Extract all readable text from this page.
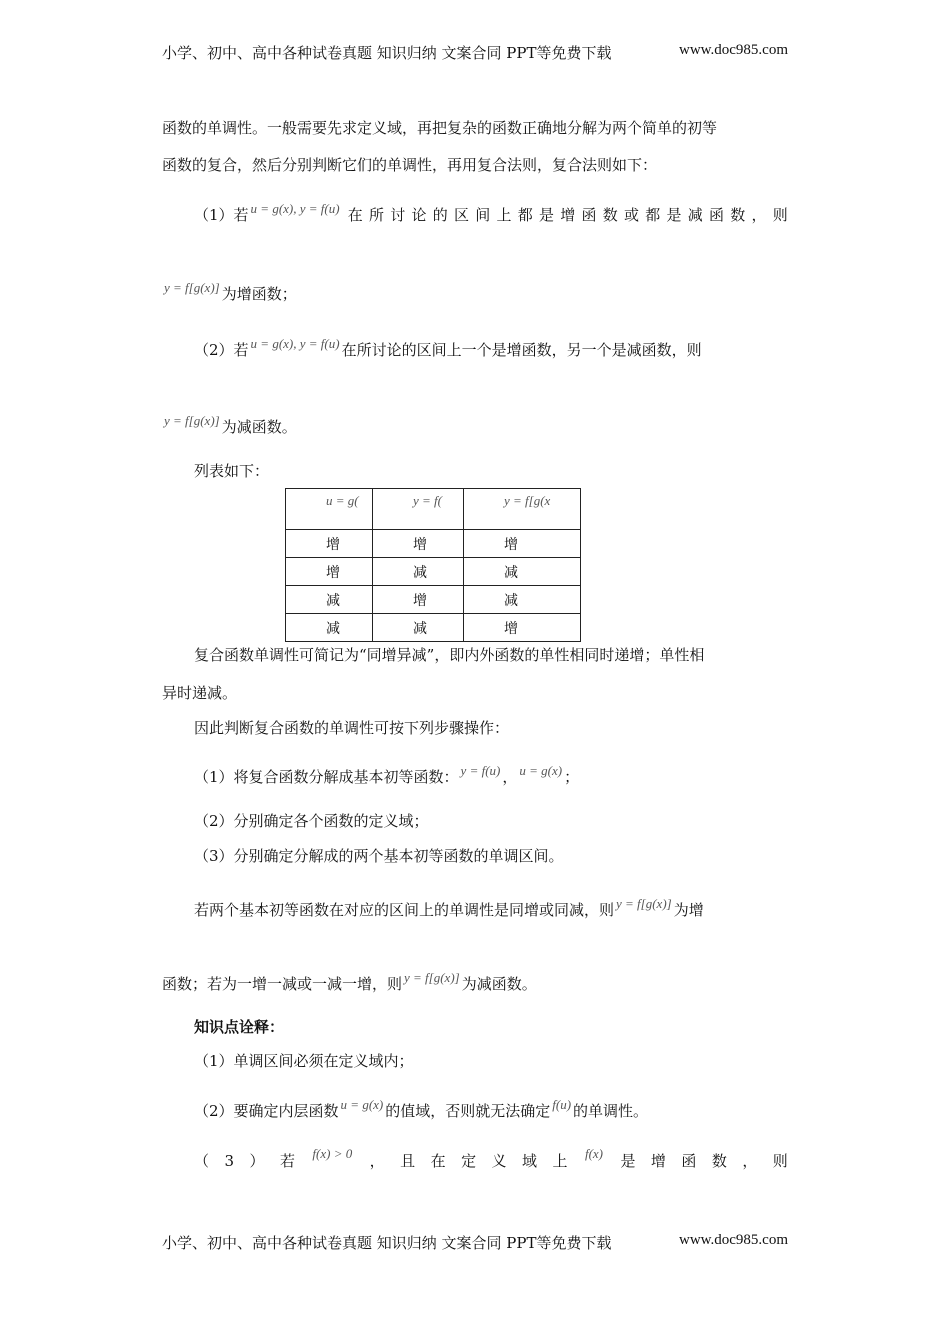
小学、初中、高中各种试卷真题 知识归纳 文案合同 PPT等免费下载	www.doc985.com
函数的单调性。一般需要先求定义域，再把复杂的函数正确地分解为两个简单的初等
函数的复合，然后分别判断它们的单调性，再用复合法则，复合法则如下：
（1）若 u = g(x), y = f(u) 在 所 讨 论 的 区 间 上 都 是 增 函 数 或 都 是 减 函 数 ， 则
y = f[g(x)] 为增函数；
（2）若 u = g(x), y = f(u) 在所讨论的区间上一个是增函数，另一个是减函数，则
y = f[g(x)] 为减函数。
列表如下：
u = g(	y = f(	y = f[g(x
增	增	增
增	减	减
减	增	减
减	减	增
复合函数单调性可简记为“同增异减”，即内外函数的单性相同时递增；单性相
异时递减。
因此判断复合函数的单调性可按下列步骤操作：
（1）将复合函数分解成基本初等函数： y = f(u) ， u = g(x) ；
（2）分别确定各个函数的定义域；
（3）分别确定分解成的两个基本初等函数的单调区间。
若两个基本初等函数在对应的区间上的单调性是同增或同减，则 y = f[g(x)] 为增
函数；若为一增一减或一减一增，则 y = f[g(x)] 为减函数。
知识点诠释：
（1）单调区间必须在定义域内；
（2）要确定内层函数 u = g(x) 的值域，否则就无法确定 f(u) 的单调性。
（ 3 ） 若 f(x) > 0 ， 且 在 定 义 域 上 f(x) 是 增 函 数 ， 则
小学、初中、高中各种试卷真题 知识归纳 文案合同 PPT等免费下载	www.doc985.com
